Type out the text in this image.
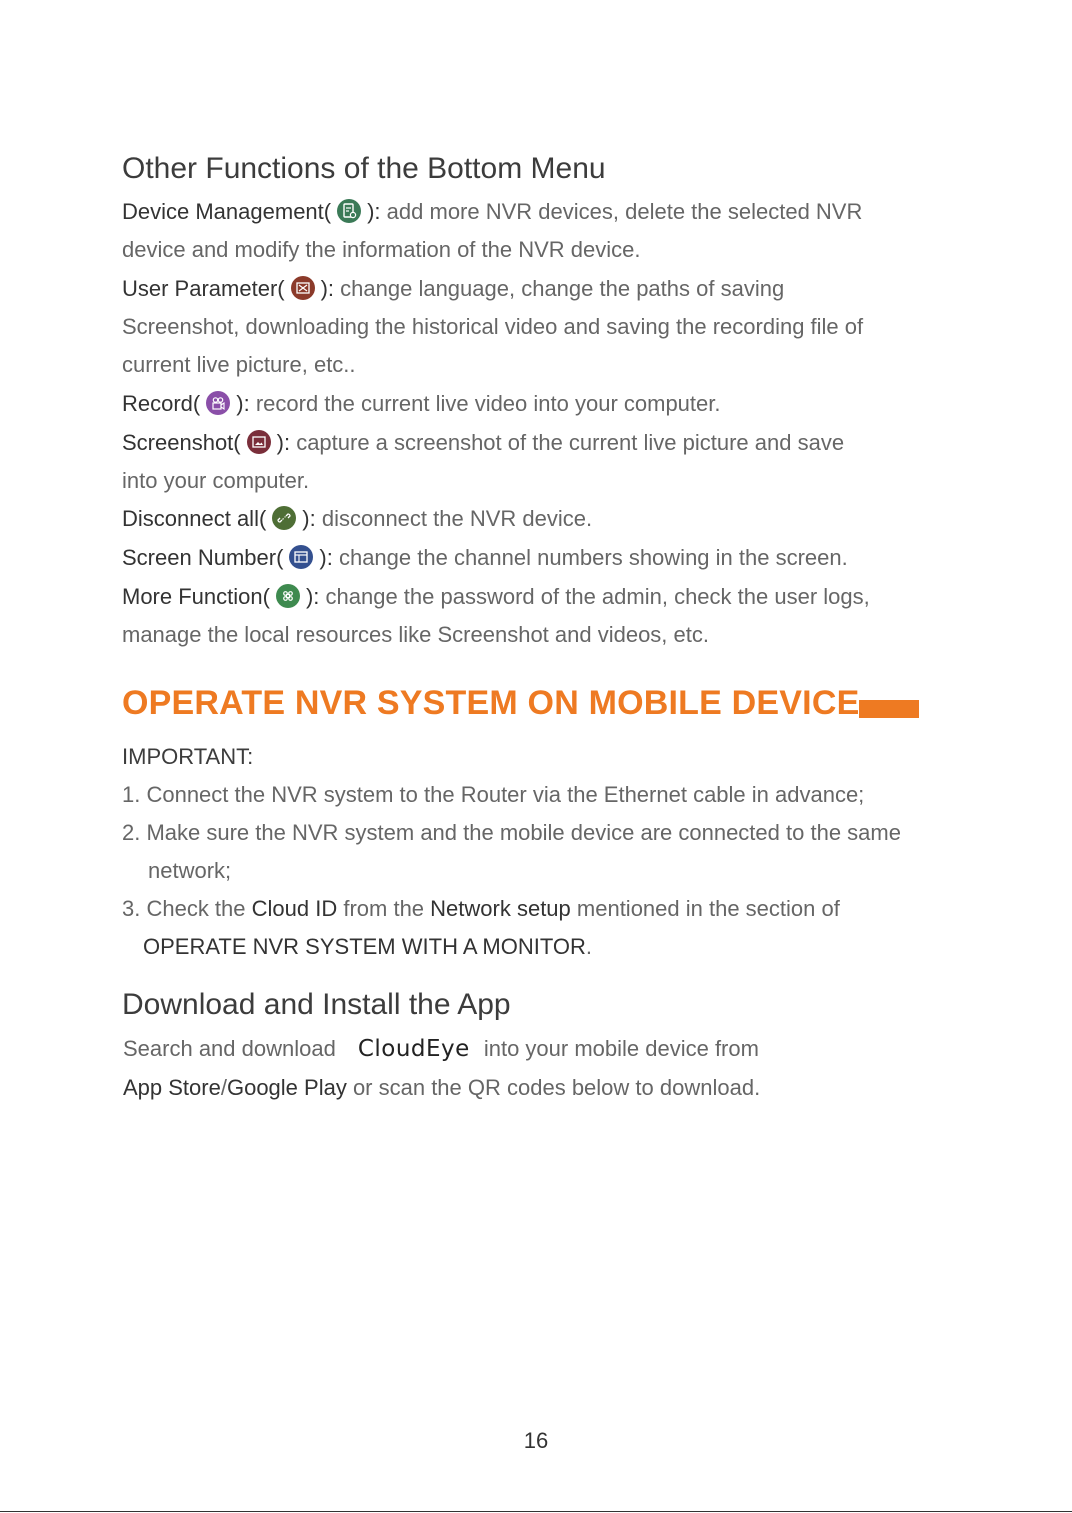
Other Functions of the Bottom Menu

Device Management( ): add more NVR devices, delete the selected NVR

device and modify the information of the NVR device.

User Parameter( ): change language, change the paths of saving

Screenshot, downloading the historical video and saving the recording file of

current live picture, etc..

Record( ): record the current live video into your computer.

Screenshot( ): capture a screenshot of the current live picture and save

into your computer.

Disconnect all( ): disconnect the NVR device.

Screen Number( ): change the channel numbers showing in the screen.

More Function( ): change the password of the admin, check the user logs,

manage the local resources like Screenshot and videos, etc.

OPERATE NVR SYSTEM ON MOBILE DEVICE

IMPORTANT:

1. Connect the NVR system to the Router via the Ethernet cable in advance;

2. Make sure the NVR system and the mobile device are connected to the same

network;

3. Check the Cloud ID from the Network setup mentioned in the section of

OPERATE NVR SYSTEM WITH A MONITOR.

Download and Install the App

Search and download CloudEye into your mobile device from

App Store/Google Play or scan the QR codes below to download.

16
